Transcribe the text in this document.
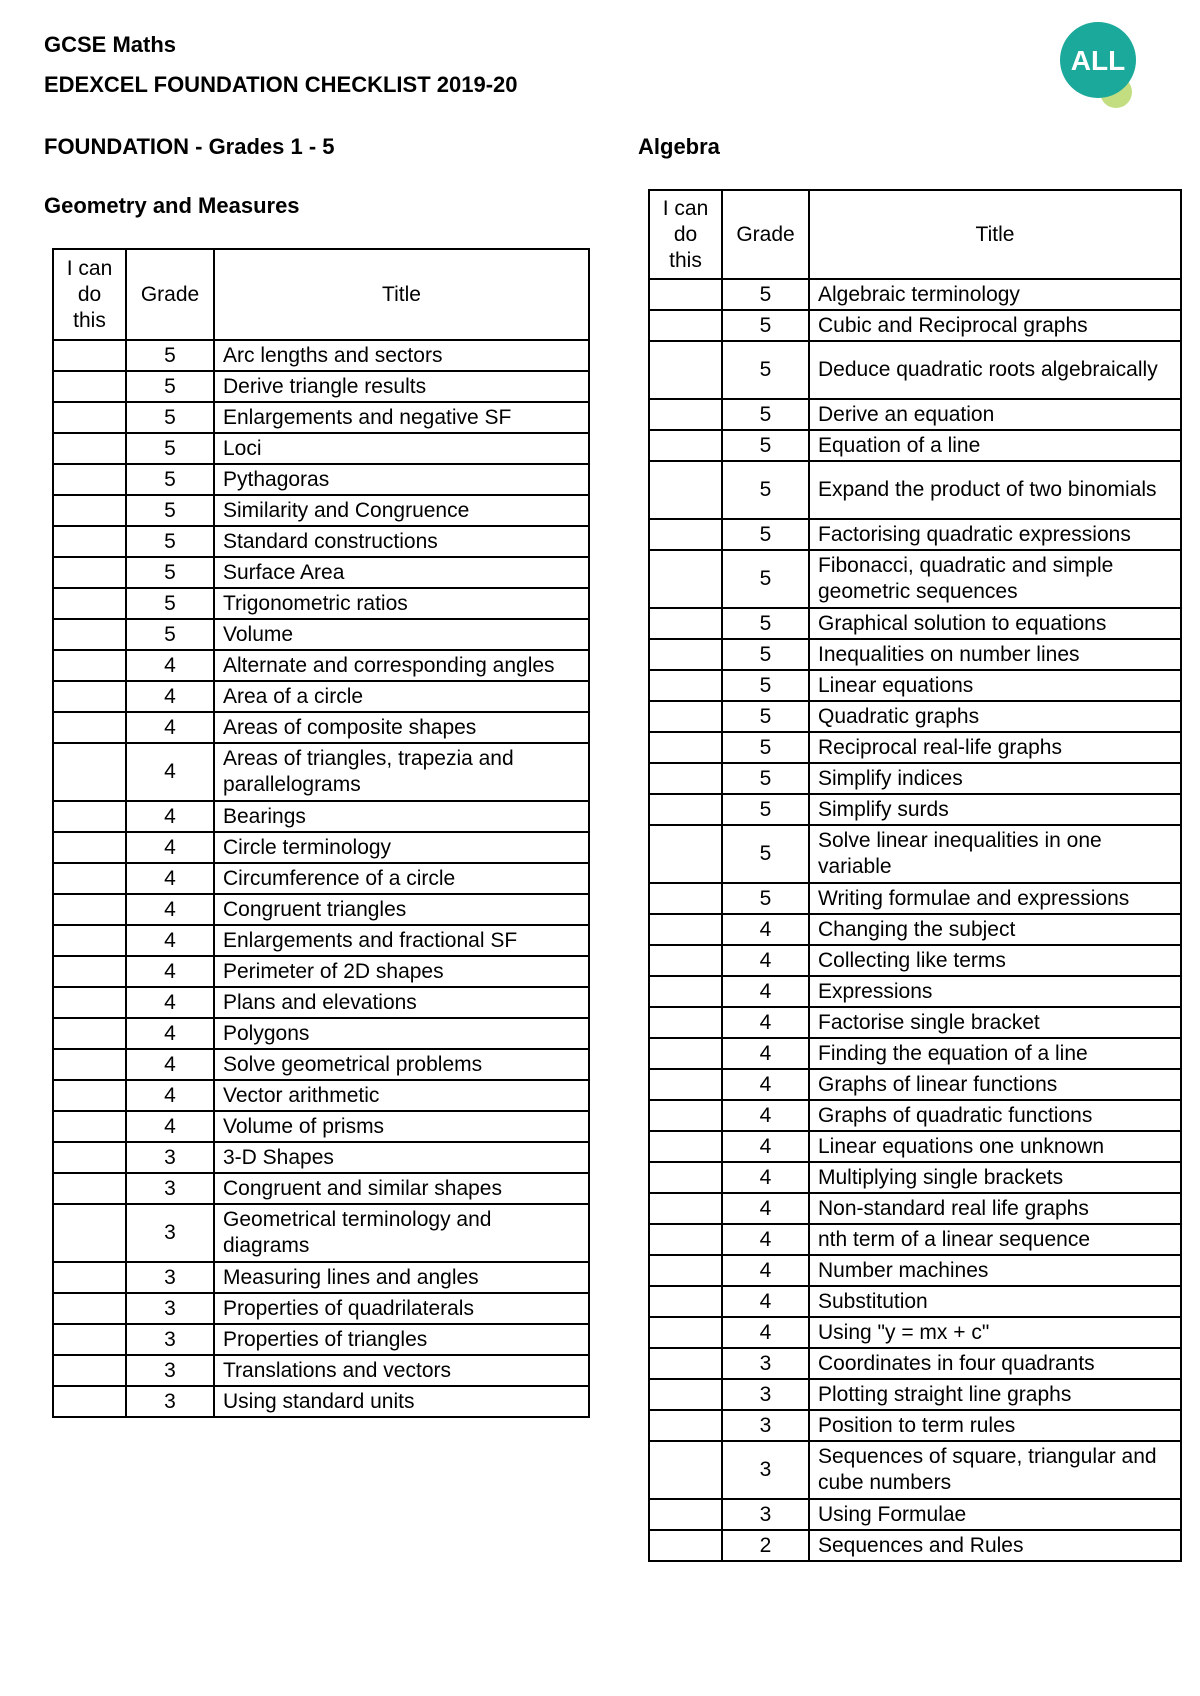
GCSE Maths
EDEXCEL FOUNDATION CHECKLIST 2019-20
FOUNDATION - Grades 1 - 5	Algebra
Geometry and Measures
ALL
I can do this	Grade	Title
	5	Arc lengths and sectors
	5	Derive triangle results
	5	Enlargements and negative SF
	5	Loci
	5	Pythagoras
	5	Similarity and Congruence
	5	Standard constructions
	5	Surface Area
	5	Trigonometric ratios
	5	Volume
	4	Alternate and corresponding angles
	4	Area of a circle
	4	Areas of composite shapes
	4	Areas of triangles, trapezia and parallelograms
	4	Bearings
	4	Circle terminology
	4	Circumference of a circle
	4	Congruent triangles
	4	Enlargements and fractional SF
	4	Perimeter of 2D shapes
	4	Plans and elevations
	4	Polygons
	4	Solve geometrical problems
	4	Vector arithmetic
	4	Volume of prisms
	3	3-D Shapes
	3	Congruent and similar shapes
	3	Geometrical terminology and diagrams
	3	Measuring lines and angles
	3	Properties of quadrilaterals
	3	Properties of triangles
	3	Translations and vectors
	3	Using standard units
I can do this	Grade	Title
	5	Algebraic terminology
	5	Cubic and Reciprocal graphs
	5	Deduce quadratic roots algebraically
	5	Derive an equation
	5	Equation of a line
	5	Expand the product of two binomials
	5	Factorising quadratic expressions
	5	Fibonacci, quadratic and simple geometric sequences
	5	Graphical solution to equations
	5	Inequalities on number lines
	5	Linear equations
	5	Quadratic graphs
	5	Reciprocal real-life graphs
	5	Simplify indices
	5	Simplify surds
	5	Solve linear inequalities in one variable
	5	Writing formulae and expressions
	4	Changing the subject
	4	Collecting like terms
	4	Expressions
	4	Factorise single bracket
	4	Finding the equation of a line
	4	Graphs of linear functions
	4	Graphs of quadratic functions
	4	Linear equations one unknown
	4	Multiplying single brackets
	4	Non-standard real life graphs
	4	nth term of a linear sequence
	4	Number machines
	4	Substitution
	4	Using "y = mx + c"
	3	Coordinates in four quadrants
	3	Plotting straight line graphs
	3	Position to term rules
	3	Sequences of square, triangular and cube numbers
	3	Using Formulae
	2	Sequences and Rules
